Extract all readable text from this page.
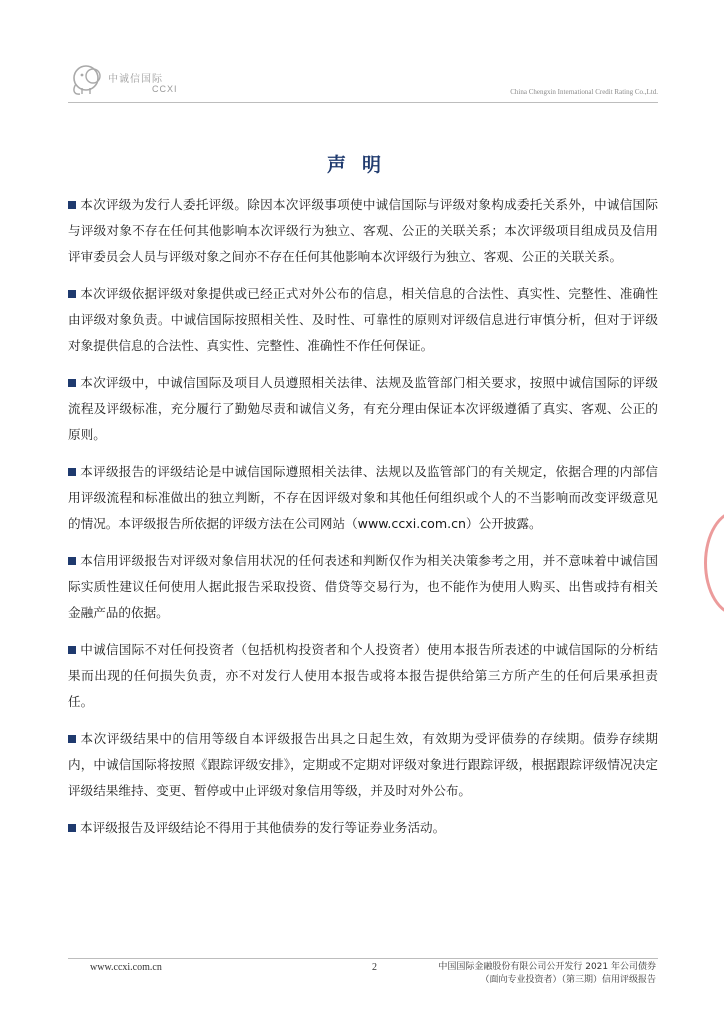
中诚信国际
CCXI	China Chengxin International Credit Rating Co.,Ltd.
声明

本次评级为发行人委托评级。除因本次评级事项使中诚信国际与评级对象构成委托关系外，中诚信国际与评级对象不存在任何其他影响本次评级行为独立、客观、公正的关联关系；本次评级项目组成员及信用评审委员会人员与评级对象之间亦不存在任何其他影响本次评级行为独立、客观、公正的关联关系。

本次评级依据评级对象提供或已经正式对外公布的信息，相关信息的合法性、真实性、完整性、准确性由评级对象负责。中诚信国际按照相关性、及时性、可靠性的原则对评级信息进行审慎分析，但对于评级对象提供信息的合法性、真实性、完整性、准确性不作任何保证。

本次评级中，中诚信国际及项目人员遵照相关法律、法规及监管部门相关要求，按照中诚信国际的评级流程及评级标准，充分履行了勤勉尽责和诚信义务，有充分理由保证本次评级遵循了真实、客观、公正的原则。

本评级报告的评级结论是中诚信国际遵照相关法律、法规以及监管部门的有关规定，依据合理的内部信用评级流程和标准做出的独立判断，不存在因评级对象和其他任何组织或个人的不当影响而改变评级意见的情况。本评级报告所依据的评级方法在公司网站（www.ccxi.com.cn）公开披露。

本信用评级报告对评级对象信用状况的任何表述和判断仅作为相关决策参考之用，并不意味着中诚信国际实质性建议任何使用人据此报告采取投资、借贷等交易行为，也不能作为使用人购买、出售或持有相关金融产品的依据。

中诚信国际不对任何投资者（包括机构投资者和个人投资者）使用本报告所表述的中诚信国际的分析结果而出现的任何损失负责，亦不对发行人使用本报告或将本报告提供给第三方所产生的任何后果承担责任。

本次评级结果中的信用等级自本评级报告出具之日起生效，有效期为受评债券的存续期。债券存续期内，中诚信国际将按照《跟踪评级安排》，定期或不定期对评级对象进行跟踪评级，根据跟踪评级情况决定评级结果维持、变更、暂停或中止评级对象信用等级，并及时对外公布。

本评级报告及评级结论不得用于其他债券的发行等证券业务活动。

www.ccxi.com.cn	2	中国国际金融股份有限公司公开发行 2021 年公司债券
（面向专业投资者）（第三期）信用评级报告
